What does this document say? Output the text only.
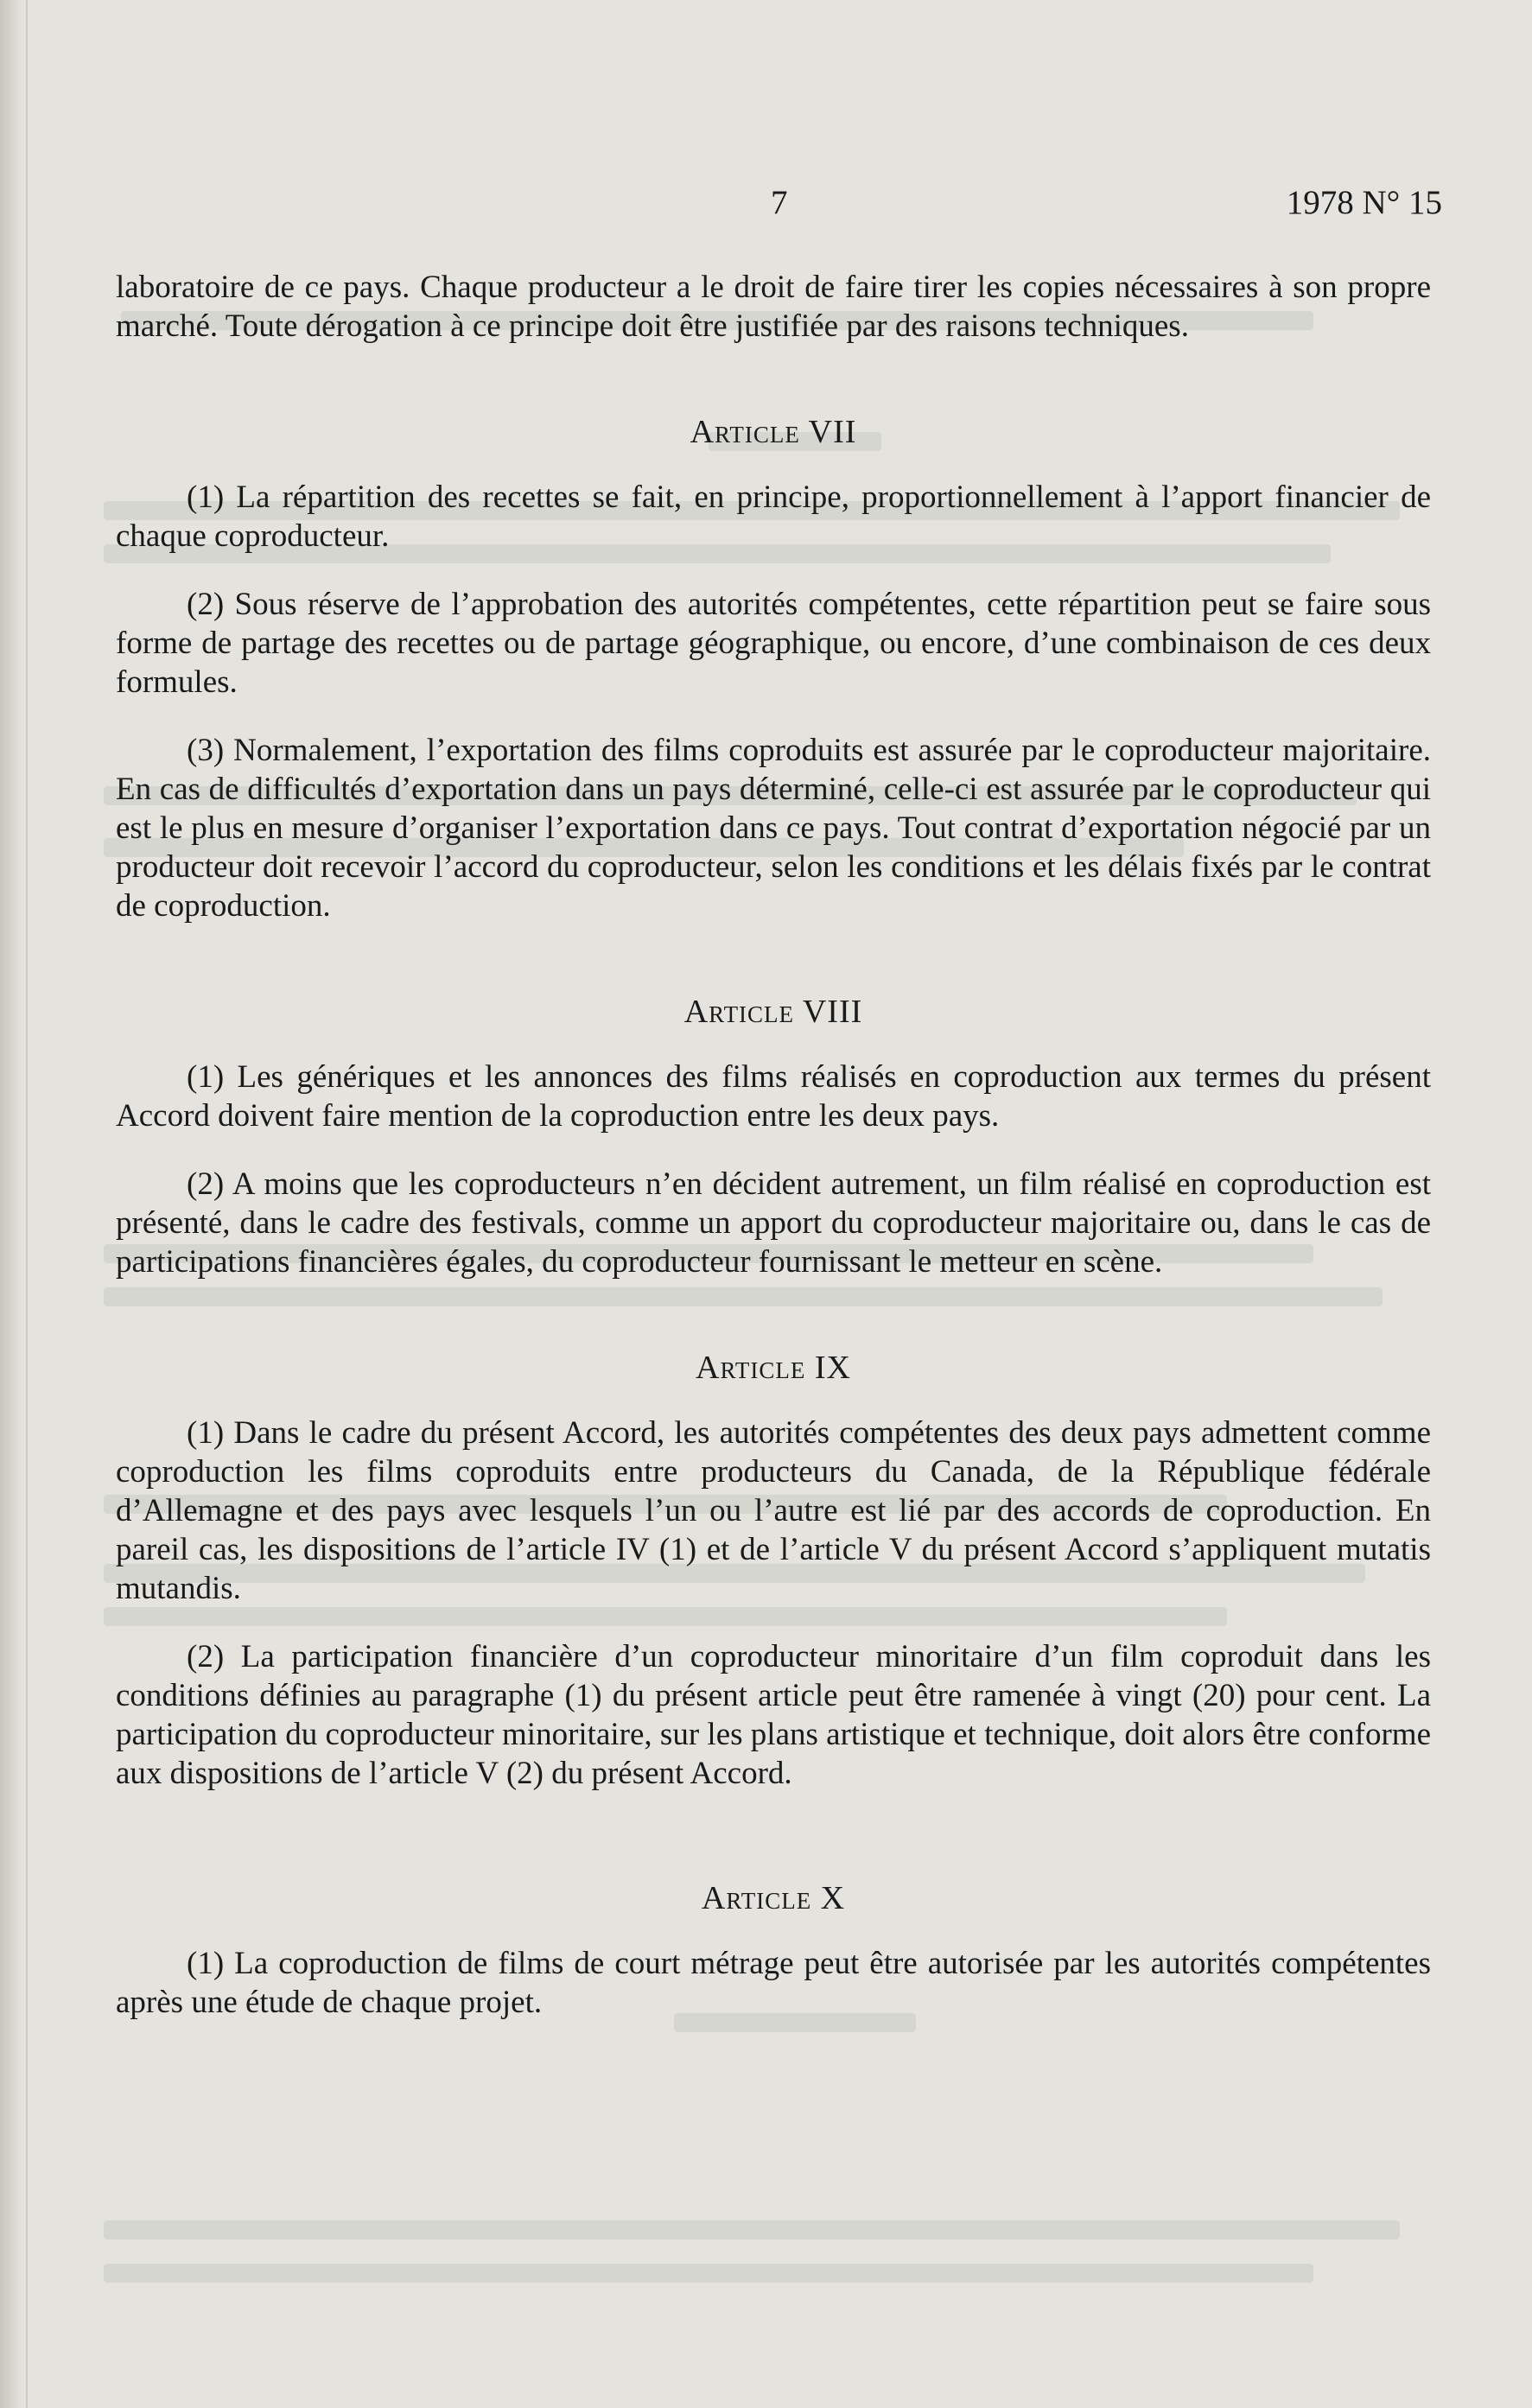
7	1978 N° 15

laboratoire de ce pays. Chaque producteur a le droit de faire tirer les copies nécessaires à son propre marché. Toute dérogation à ce principe doit être justifiée par des raisons techniques.

Article VII

(1) La répartition des recettes se fait, en principe, proportionnellement à l’apport financier de chaque coproducteur.

(2) Sous réserve de l’approbation des autorités compétentes, cette répartition peut se faire sous forme de partage des recettes ou de partage géographique, ou encore, d’une combinaison de ces deux formules.

(3) Normalement, l’exportation des films coproduits est assurée par le coproducteur majoritaire. En cas de difficultés d’exportation dans un pays déterminé, celle-ci est assurée par le coproducteur qui est le plus en mesure d’organiser l’exportation dans ce pays. Tout contrat d’exportation négocié par un producteur doit recevoir l’accord du coproducteur, selon les conditions et les délais fixés par le contrat de coproduction.

Article VIII

(1) Les génériques et les annonces des films réalisés en coproduction aux termes du présent Accord doivent faire mention de la coproduction entre les deux pays.

(2) A moins que les coproducteurs n’en décident autrement, un film réalisé en coproduction est présenté, dans le cadre des festivals, comme un apport du coproducteur majoritaire ou, dans le cas de participations financières égales, du coproducteur fournissant le metteur en scène.

Article IX

(1) Dans le cadre du présent Accord, les autorités compétentes des deux pays admettent comme coproduction les films coproduits entre producteurs du Canada, de la République fédérale d’Allemagne et des pays avec lesquels l’un ou l’autre est lié par des accords de coproduction. En pareil cas, les dispositions de l’article IV (1) et de l’article V du présent Accord s’appliquent mutatis mutandis.

(2) La participation financière d’un coproducteur minoritaire d’un film coproduit dans les conditions définies au paragraphe (1) du présent article peut être ramenée à vingt (20) pour cent. La participation du coproducteur minoritaire, sur les plans artistique et technique, doit alors être conforme aux dispositions de l’article V (2) du présent Accord.

Article X

(1) La coproduction de films de court métrage peut être autorisée par les autorités compétentes après une étude de chaque projet.
